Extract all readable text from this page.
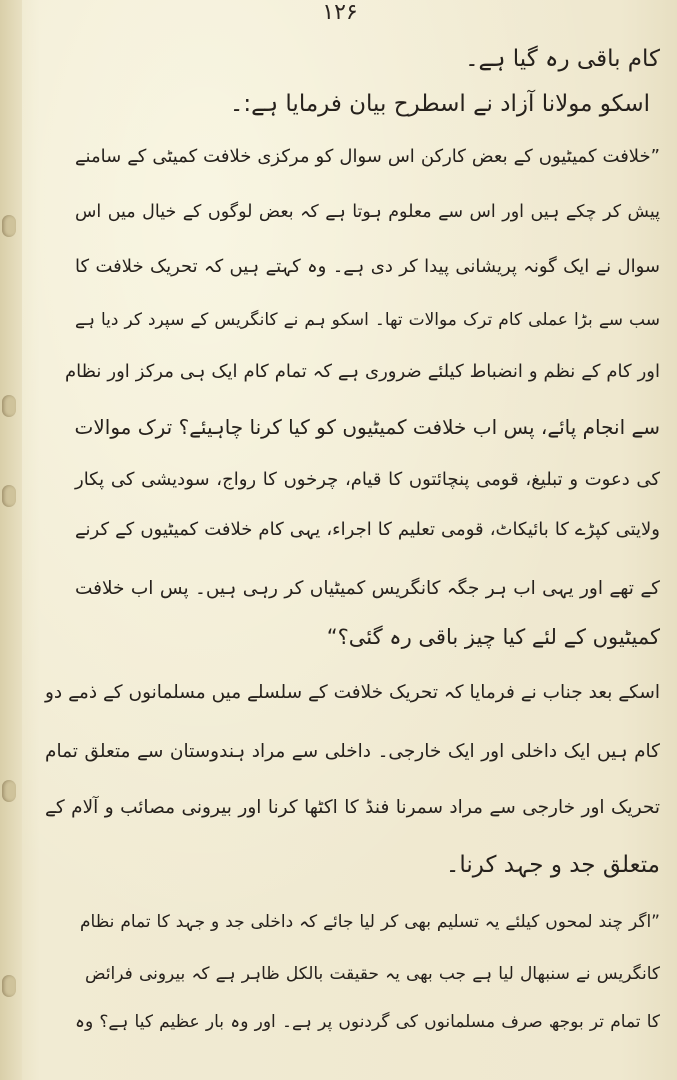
۱۲۶
کام باقی رہ گیا ہے۔
اسکو مولانا آزاد نے اسطرح بیان فرمایا ہے:۔
”خلافت کمیٹیوں کے بعض کارکن اس سوال کو مرکزی خلافت کمیٹی کے سامنے
پیش کر چکے ہیں اور اس سے معلوم ہوتا ہے کہ بعض لوگوں کے خیال میں اس
سوال نے ایک گونہ پریشانی پیدا کر دی ہے۔ وہ کہتے ہیں کہ تحریک خلافت کا
سب سے بڑا عملی کام ترک موالات تھا۔ اسکو ہم نے کانگریس کے سپرد کر دیا ہے
اور کام کے نظم و انضباط کیلئے ضروری ہے کہ تمام کام ایک ہی مرکز اور نظام
سے انجام پائے، پس اب خلافت کمیٹیوں کو کیا کرنا چاہیئے؟ ترک موالات
کی دعوت و تبلیغ، قومی پنچائتوں کا قیام، چرخوں کا رواج، سودیشی کی پکار
ولایتی کپڑے کا بائیکاٹ، قومی تعلیم کا اجراء، یہی کام خلافت کمیٹیوں کے کرنے
کے تھے اور یہی اب ہر جگہ کانگریس کمیٹیاں کر رہی ہیں۔ پس اب خلافت
کمیٹیوں کے لئے کیا چیز باقی رہ گئی؟“
اسکے بعد جناب نے فرمایا کہ تحریک خلافت کے سلسلے میں مسلمانوں کے ذمے دو
کام ہیں ایک داخلی اور ایک خارجی۔ داخلی سے مراد ہندوستان سے متعلق تمام
تحریک اور خارجی سے مراد سمرنا فنڈ کا اکٹھا کرنا اور بیرونی مصائب و آلام کے
متعلق جد و جہد کرنا۔
”اگر چند لمحوں کیلئے یہ تسلیم بھی کر لیا جائے کہ داخلی جد و جہد کا تمام نظام
کانگریس نے سنبھال لیا ہے جب بھی یہ حقیقت بالکل ظاہر ہے کہ بیرونی فرائض
کا تمام تر بوجھ صرف مسلمانوں کی گردنوں پر ہے۔ اور وہ بار عظیم کیا ہے؟ وہ
